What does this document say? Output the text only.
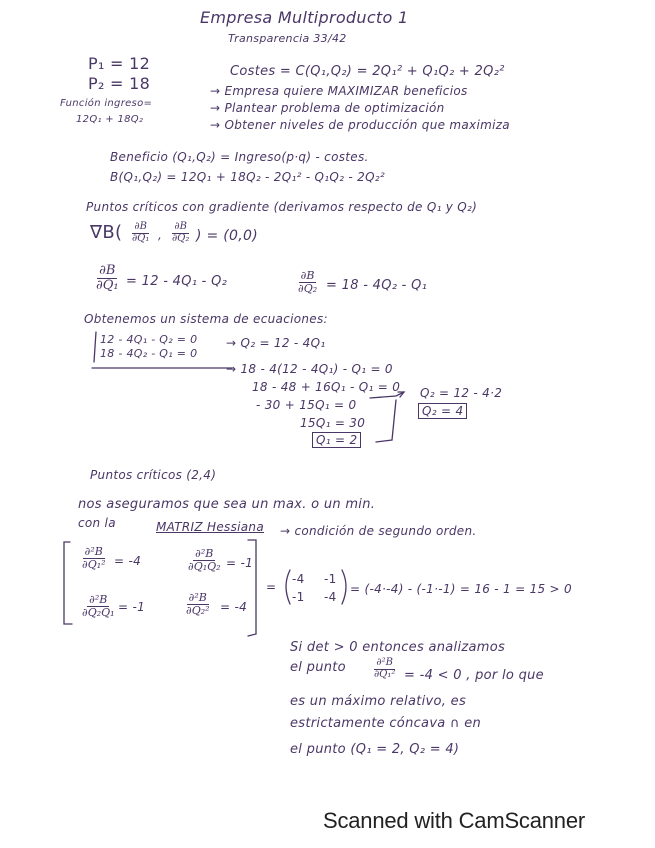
Empresa Multiproducto 1
Transparencia 33/42
P₁ = 12
P₂ = 18
Función ingreso=
12Q₁ + 18Q₂
Costes = C(Q₁,Q₂) = 2Q₁² + Q₁Q₂ + 2Q₂²
→ Empresa quiere MAXIMIZAR beneficios
→ Plantear problema de optimización
→ Obtener niveles de producción que maximiza
Beneficio (Q₁,Q₂) = Ingreso(p·q) - costes.
B(Q₁,Q₂) = 12Q₁ + 18Q₂ - 2Q₁² - Q₁Q₂ - 2Q₂²
Puntos críticos con gradiente (derivamos respecto de Q₁ y Q₂)
$\nabla B( \frac{\partial B}{\text{∂Q₁}}$ , $\frac{\partial B}{\text{∂Q₂}}$ ) = (0,0)
$\frac{\partial B}{\text{∂Q₁}} = 12 - 4Q_1 - Q_2$	$\frac{\partial B}{\text{∂Q₂}} = 18 - 4Q_2 - Q_1$
Obtenemos un sistema de ecuaciones:
12 - 4Q₁ - Q₂ = 0
18 - 4Q₂ - Q₁ = 0
→ Q₂ = 12 - 4Q₁
→ 18 - 4(12 - 4Q₁) - Q₁ = 0
18 - 48 + 16Q₁ - Q₁ = 0
- 30 + 15Q₁ = 0
15Q₁ = 30
Q₁ = 2
Q₂ = 12 - 4·2
Q₂ = 4
Puntos críticos (2,4)
nos aseguramos que sea un max. o un min.
con la	MATRIZ Hessiana → condición de segundo orden.
$\frac{\text{∂²B}}{\text{∂Q₁²}} = -4$	$\frac{\text{∂²B}}{\text{∂Q₁Q₂}} = -1$
$\frac{\text{∂²B}}{\text{∂Q₂Q₁}} = -1$	$\frac{\text{∂²B}}{\text{∂Q₂²}} = -4$
=
-4 -1
-1 -4
= (-4·-4) - (-1·-1) = 16 - 1 = 15 > 0
Si det > 0 entonces analizamos
el punto	$\frac{\text{∂²B}}{\text{∂Q₁²}} = -4 < 0$ , por lo que
es un máximo relativo, es
estrictamente cóncava ∩ en
el punto (Q₁ = 2, Q₂ = 4)
Scanned with CamScanner
